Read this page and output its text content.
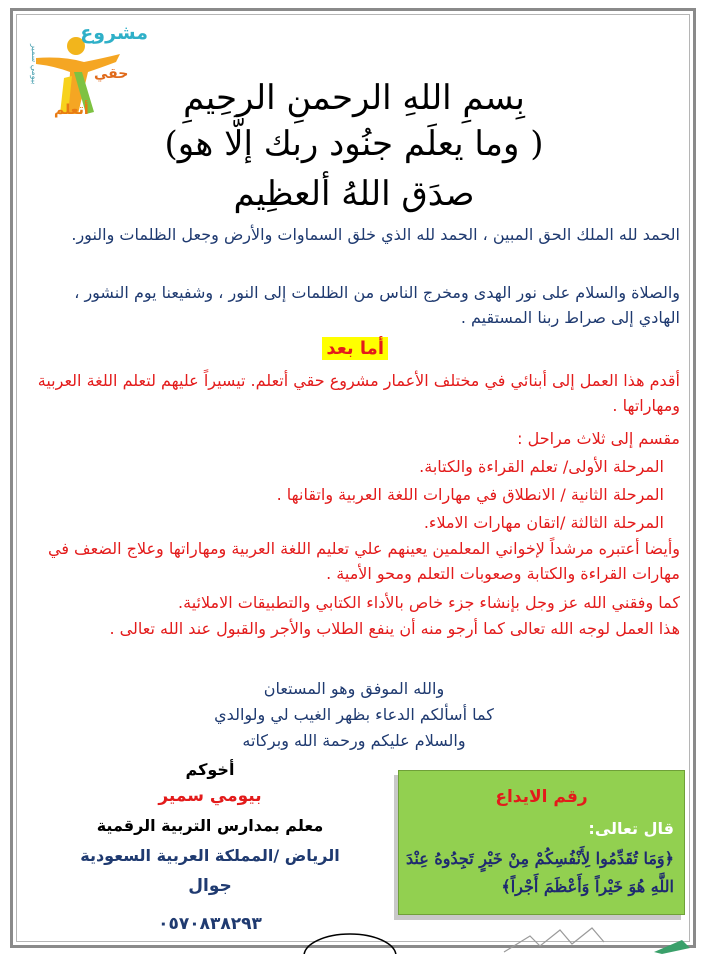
مشروع
حقي
أتعلم
بيومي سمير
بِسمِ اللهِ الرحمنِ الرحِيمِ
( وما يعلَم جنُود ربك إلَّا هو)
صدَق اللهُ ألعظِيم
الحمد لله الملك الحق المبين ، الحمد لله الذي خلق السماوات والأرض وجعل الظلمات والنور.
والصلاة والسلام على نور الهدى ومخرج الناس من الظلمات إلى النور ، وشفيعنا يوم النشور ، الهادي إلى صراط ربنا المستقيم .
أما بعد
أقدم هذا العمل إلى أبنائي في مختلف الأعمار مشروع حقي أتعلم. تيسيراً عليهم لتعلم اللغة العربية ومهاراتها .
مقسم إلى ثلاث مراحل :
المرحلة الأولى/ تعلم القراءة والكتابة.
المرحلة الثانية / الانطلاق في مهارات اللغة العربية واتقانها .
المرحلة الثالثة /اتقان مهارات الاملاء.
وأيضا أعتبره مرشداً لإخواني المعلمين يعينهم علي تعليم اللغة العربية ومهاراتها وعلاج الضعف في مهارات القراءة والكتابة وصعوبات التعلم ومحو الأمية .
كما وفقني الله عز وجل بإنشاء جزء خاص بالأداء الكتابي والتطبيقات الاملائية.
هذا العمل لوجه الله تعالى كما أرجو منه أن ينفع الطلاب والأجر والقبول عند الله تعالى .
والله الموفق وهو المستعان
كما أسألكم الدعاء بظهر الغيب لي ولوالدي
والسلام عليكم ورحمة الله وبركاته
أخوكم
بيومي سمير
معلم بمدارس التربية الرقمية
الرياض /المملكة العربية السعودية
جوال
٠٥٧٠٨٣٨٢٩٣
رقم الايداع
قال تعالى:
﴿وَمَا تُقَدِّمُوا لِأَنْفُسِكُمْ مِنْ خَيْرٍ تَجِدُوهُ عِنْدَ اللَّهِ هُوَ خَيْراً وَأَعْظَمَ أَجْراً﴾
